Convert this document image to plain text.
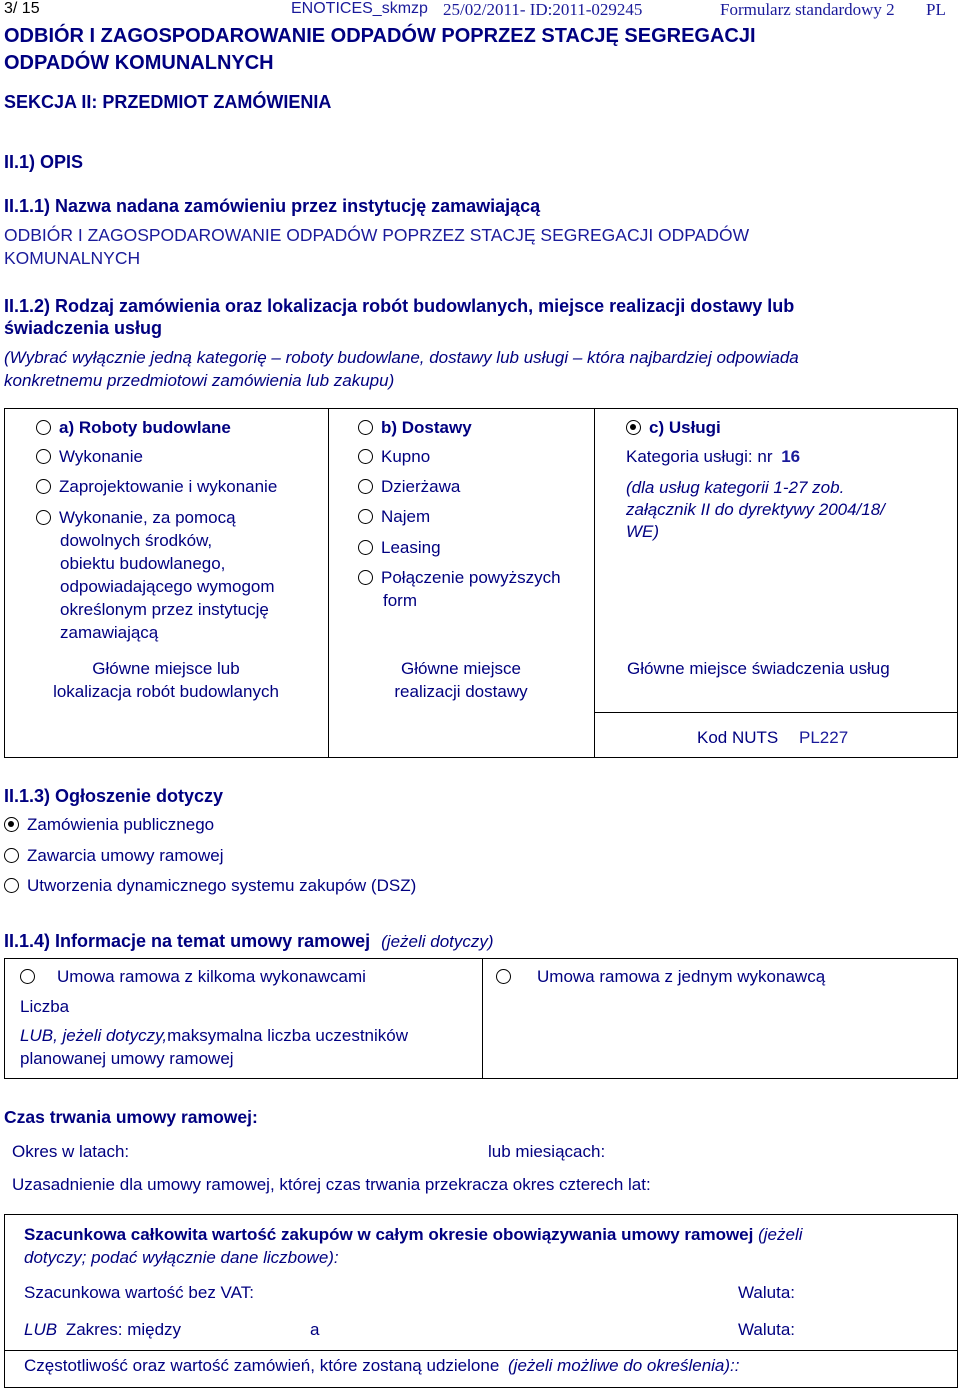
3/ 15	ENOTICES_skmzp 25/02/2011- ID:2011-029245	Formularz standardowy 2 PL
ODBIÓR I ZAGOSPODAROWANIE ODPADÓW POPRZEZ STACJĘ SEGREGACJI
ODPADÓW KOMUNALNYCH
SEKCJA II: PRZEDMIOT ZAMÓWIENIA
II.1) OPIS
II.1.1) Nazwa nadana zamówieniu przez instytucję zamawiającą
ODBIÓR I ZAGOSPODAROWANIE ODPADÓW POPRZEZ STACJĘ SEGREGACJI ODPADÓW
KOMUNALNYCH
II.1.2) Rodzaj zamówienia oraz lokalizacja robót budowlanych, miejsce realizacji dostawy lub
świadczenia usług
(Wybrać wyłącznie jedną kategorię – roboty budowlane, dostawy lub usługi – która najbardziej odpowiada
konkretnemu przedmiotowi zamówienia lub zakupu)
a) Roboty budowlane
Wykonanie
Zaprojektowanie i wykonanie
Wykonanie, za pomocą
dowolnych środków,
obiektu budowlanego,
odpowiadającego wymogom
określonym przez instytucję
zamawiającą
Główne miejsce lub
lokalizacja robót budowlanych
b) Dostawy
Kupno
Dzierżawa
Najem
Leasing
Połączenie powyższych
form
Główne miejsce
realizacji dostawy
c) Usługi
Kategoria usługi: nr 16
(dla usług kategorii 1-27 zob.
załącznik II do dyrektywy 2004/18/
WE)
Główne miejsce świadczenia usług
Kod NUTS PL227
II.1.3) Ogłoszenie dotyczy
Zamówienia publicznego
Zawarcia umowy ramowej
Utworzenia dynamicznego systemu zakupów (DSZ)
II.1.4) Informacje na temat umowy ramowej (jeżeli dotyczy)
Umowa ramowa z kilkoma wykonawcami	Umowa ramowa z jednym wykonawcą
Liczba
LUB, jeżeli dotyczy,maksymalna liczba uczestników
planowanej umowy ramowej
Czas trwania umowy ramowej:
Okres w latach:	lub miesiącach:
Uzasadnienie dla umowy ramowej, której czas trwania przekracza okres czterech lat:
Szacunkowa całkowita wartość zakupów w całym okresie obowiązywania umowy ramowej (jeżeli
dotyczy; podać wyłącznie dane liczbowe):
Szacunkowa wartość bez VAT:	Waluta:
LUB Zakres: między	a	Waluta:
Częstotliwość oraz wartość zamówień, które zostaną udzielone (jeżeli możliwe do określenia)::
